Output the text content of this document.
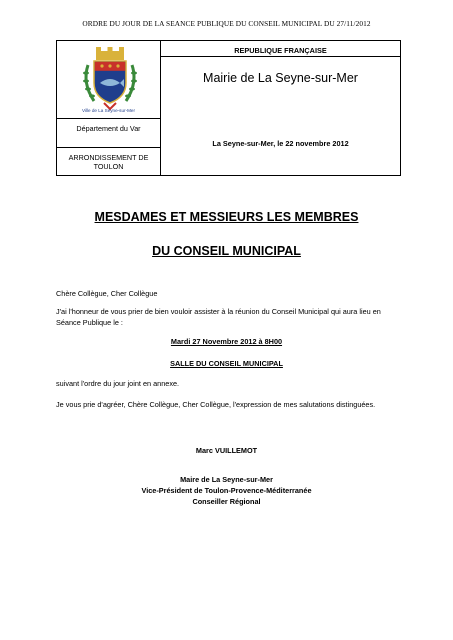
ORDRE DU JOUR DE LA SEANCE PUBLIQUE DU CONSEIL MUNICIPAL DU 27/11/2012
Ville de La Seyne-sur-Mer
Département du Var
ARRONDISSEMENT DE TOULON
REPUBLIQUE FRANÇAISE
Mairie de La Seyne-sur-Mer
La Seyne-sur-Mer, le 22 novembre 2012
MESDAMES ET MESSIEURS LES MEMBRES
DU CONSEIL MUNICIPAL
Chère Collègue, Cher Collègue
J'ai l'honneur de vous prier de bien vouloir assister à la réunion du Conseil Municipal qui aura lieu en Séance Publique le :
Mardi 27 Novembre 2012 à 8H00
SALLE DU CONSEIL MUNICIPAL
suivant l'ordre du jour joint en annexe.
Je vous prie d'agréer, Chère Collègue, Cher Collègue, l'expression de mes salutations distinguées.
Marc VUILLEMOT
Maire de La Seyne-sur-Mer
Vice-Président de Toulon-Provence-Méditerranée
Conseiller Régional
